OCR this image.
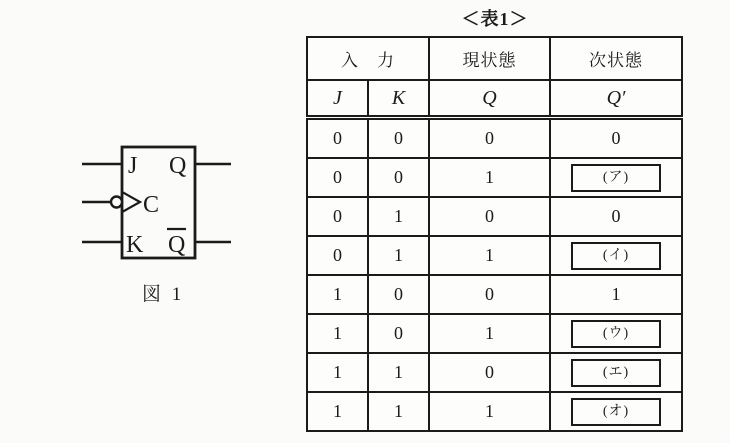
J Q
C
K Q
図 1
＜表1＞
入　力		現状態	次状態
J	K	Q	Q′
0	0	0	0
0	0	1	(ア)
0	1	0	0
0	1	1	(イ)
1	0	0	1
1	0	1	(ウ)
1	1	0	(エ)
1	1	1	(オ)
